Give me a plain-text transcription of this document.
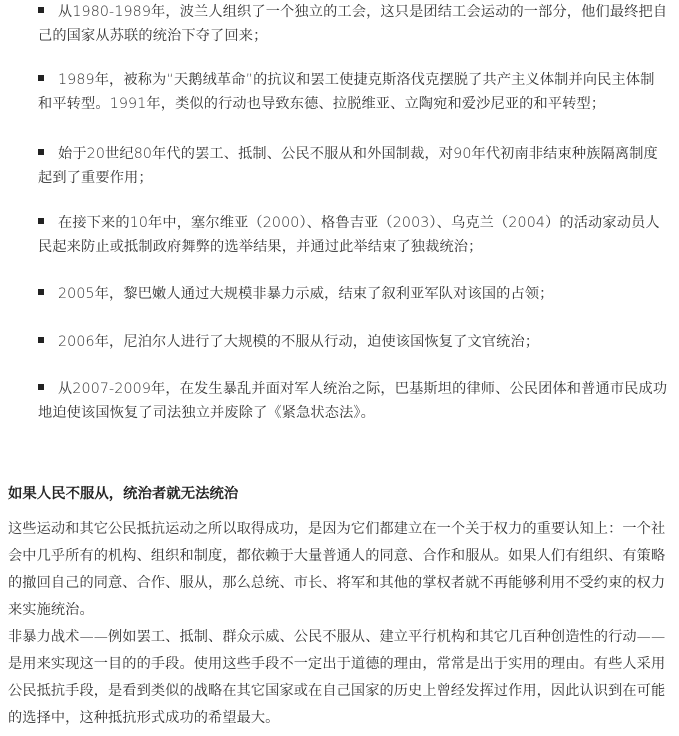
从1980-1989年，波兰人组织了一个独立的工会，这只是团结工会运动的一部分，他们最终把自己的国家从苏联的统治下夺了回来；
1989年，被称为“天鹅绒革命”的抗议和罢工使捷克斯洛伐克摆脱了共产主义体制并向民主体制和平转型。1991年，类似的行动也导致东德、拉脱维亚、立陶宛和爱沙尼亚的和平转型；
始于20世纪80年代的罢工、抵制、公民不服从和外国制裁，对90年代初南非结束种族隔离制度起到了重要作用；
在接下来的10年中，塞尔维亚（2000）、格鲁吉亚（2003）、乌克兰（2004）的活动家动员人民起来防止或抵制政府舞弊的选举结果，并通过此举结束了独裁统治；
2005年，黎巴嫩人通过大规模非暴力示威，结束了叙利亚军队对该国的占领；
2006年，尼泊尔人进行了大规模的不服从行动，迫使该国恢复了文官统治；
从2007-2009年，在发生暴乱并面对军人统治之际，巴基斯坦的律师、公民团体和普通市民成功地迫使该国恢复了司法独立并废除了《紧急状态法》。
如果人民不服从，统治者就无法统治

这些运动和其它公民抵抗运动之所以取得成功，是因为它们都建立在一个关于权力的重要认知上：一个社会中几乎所有的机构、组织和制度，都依赖于大量普通人的同意、合作和服从。如果人们有组织、有策略的撤回自己的同意、合作、服从，那么总统、市长、将军和其他的掌权者就不再能够利用不受约束的权力来实施统治。

非暴力战术——例如罢工、抵制、群众示威、公民不服从、建立平行机构和其它几百种创造性的行动——是用来实现这一目的的手段。使用这些手段不一定出于道德的理由，常常是出于实用的理由。有些人采用公民抵抗手段，是看到类似的战略在其它国家或在自己国家的历史上曾经发挥过作用，因此认识到在可能的选择中，这种抵抗形式成功的希望最大。
